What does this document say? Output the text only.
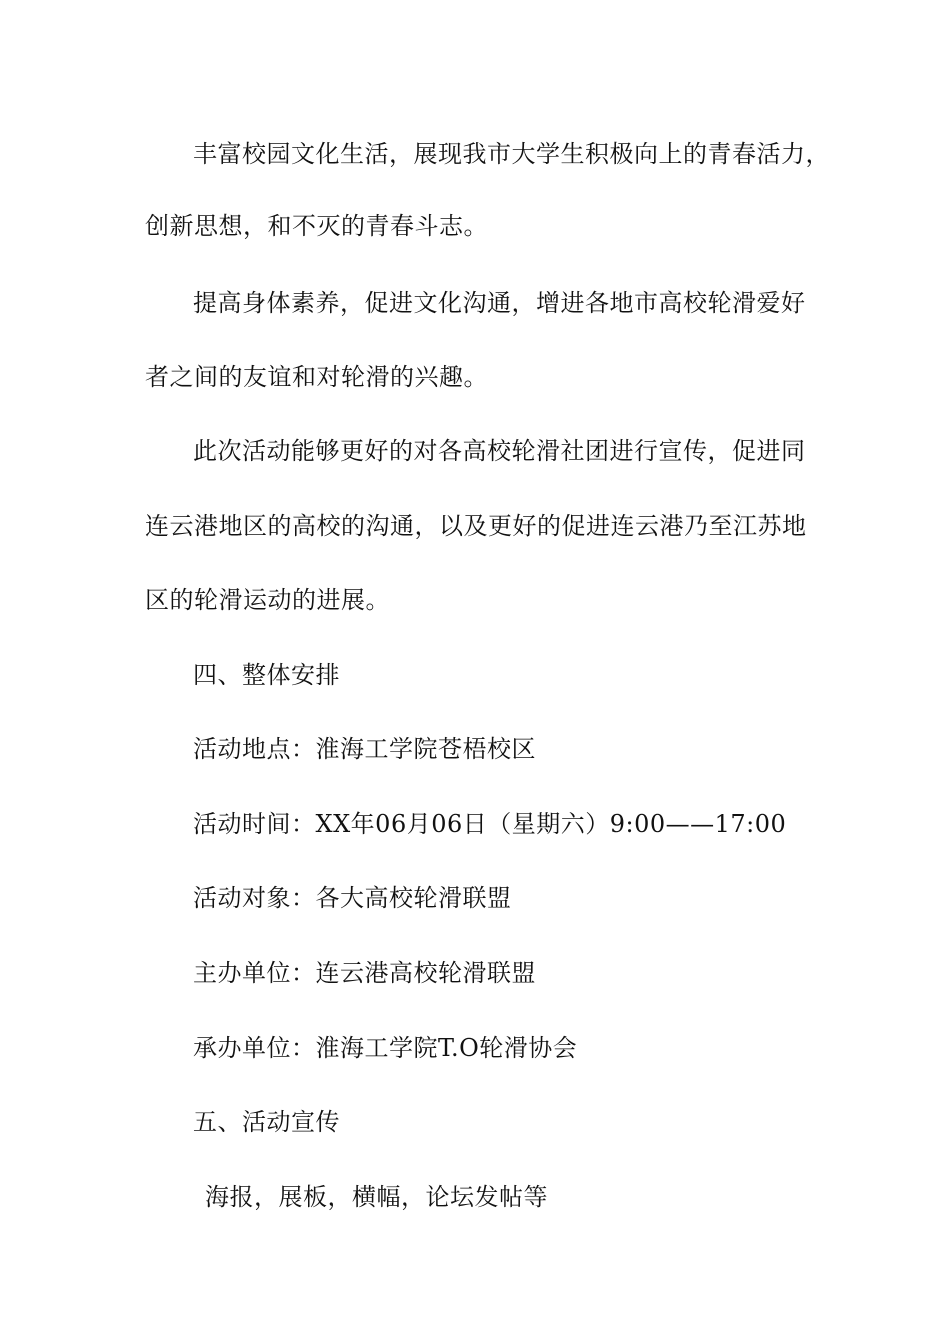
丰富校园文化生活，展现我市大学生积极向上的青春活力，
创新思想，和不灭的青春斗志。
提高身体素养，促进文化沟通，增进各地市高校轮滑爱好
者之间的友谊和对轮滑的兴趣。
此次活动能够更好的对各高校轮滑社团进行宣传，促进同
连云港地区的高校的沟通，以及更好的促进连云港乃至江苏地
区的轮滑运动的进展。
四、整体安排
活动地点：淮海工学院苍梧校区
活动时间：XX年06月06日（星期六）9:00——17:00
活动对象：各大高校轮滑联盟
主办单位：连云港高校轮滑联盟
承办单位：淮海工学院T.O轮滑协会
五、活动宣传
海报，展板，横幅，论坛发帖等
